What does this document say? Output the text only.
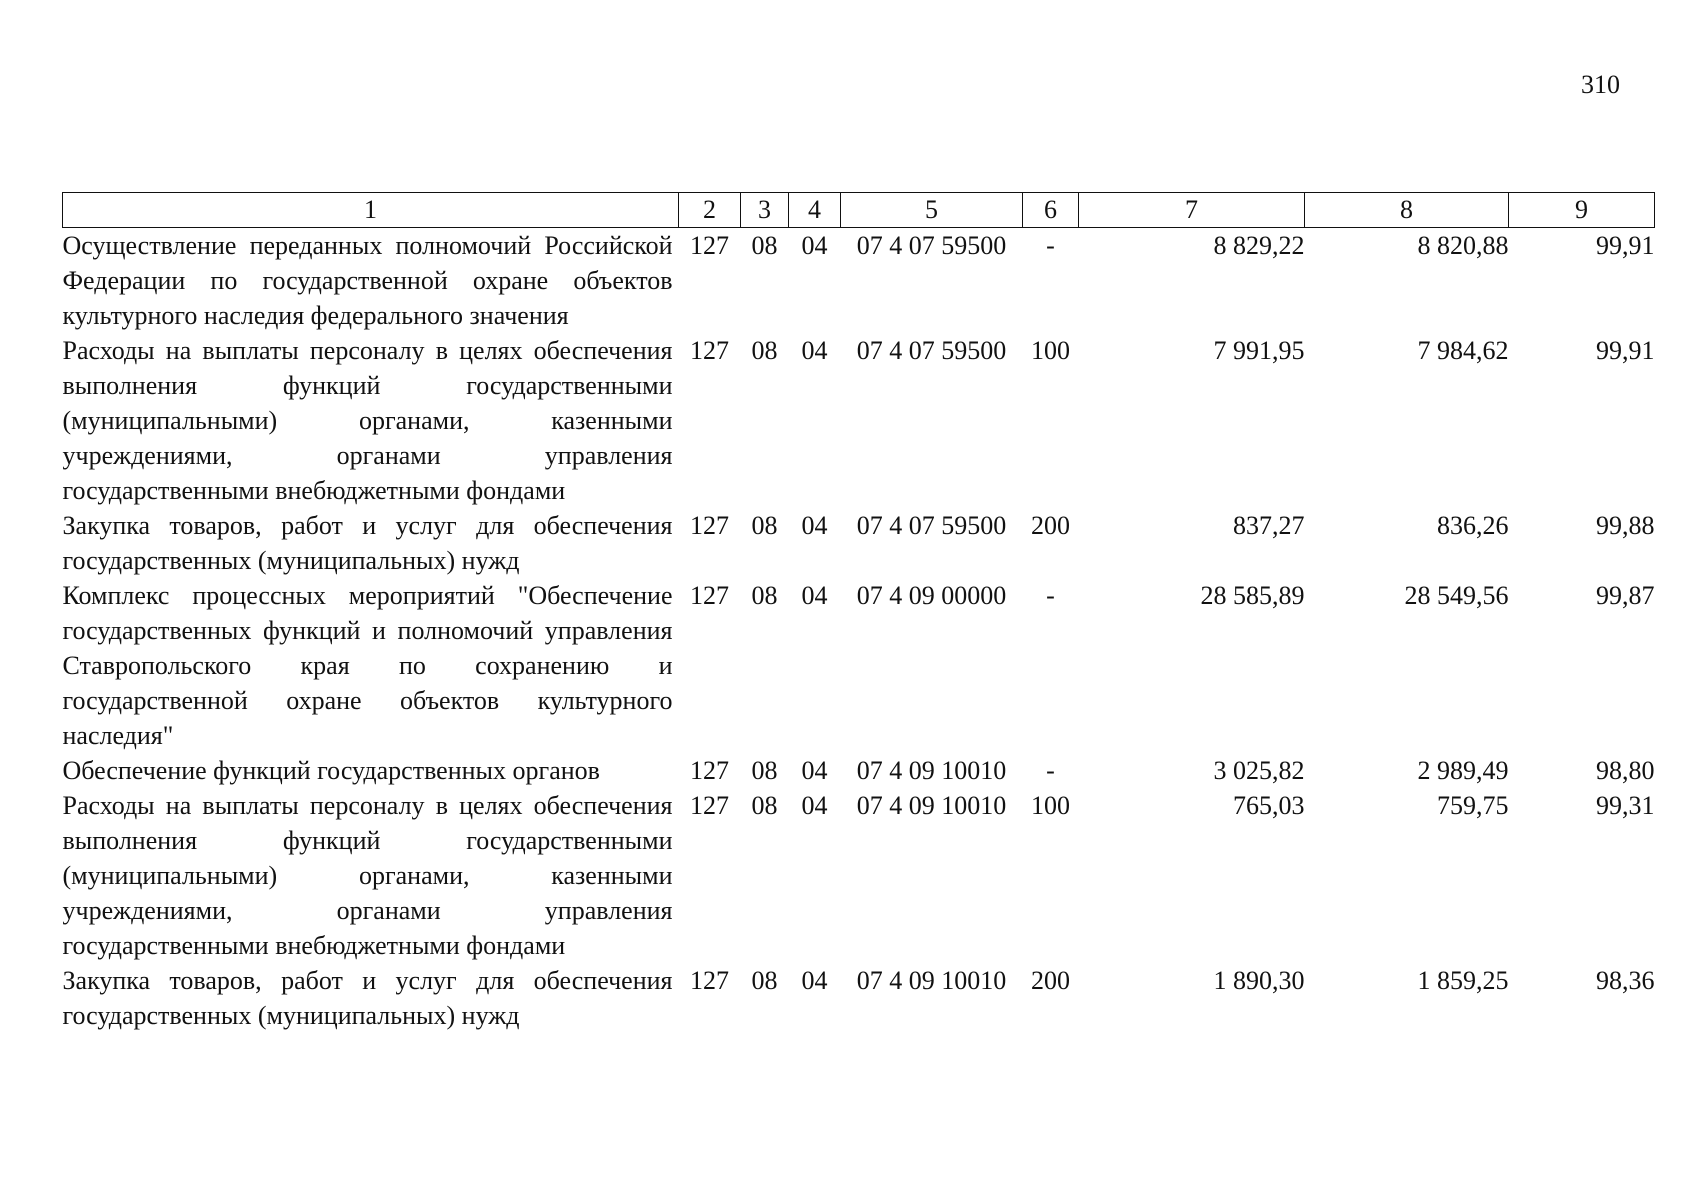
310
1	2	3	4	5	6	7	8	9
Осуществление переданных полномочий Российской Федерации по государственной охране объектов культурного наследия федерального значения	127	08	04	07 4 07 59500	-	8 829,22	8 820,88	99,91
Расходы на выплаты персоналу в целях обеспечения выполнения функций государственными (муниципальными) органами, казенными учреждениями, органами управления государственными внебюджетными фондами	127	08	04	07 4 07 59500	100	7 991,95	7 984,62	99,91
Закупка товаров, работ и услуг для обеспечения государственных (муниципальных) нужд	127	08	04	07 4 07 59500	200	837,27	836,26	99,88
Комплекс процессных мероприятий "Обеспечение государственных функций и полномочий управления Ставропольского края по сохранению и государственной охране объектов культурного наследия"	127	08	04	07 4 09 00000	-	28 585,89	28 549,56	99,87
Обеспечение функций государственных органов	127	08	04	07 4 09 10010	-	3 025,82	2 989,49	98,80
Расходы на выплаты персоналу в целях обеспечения выполнения функций государственными (муниципальными) органами, казенными учреждениями, органами управления государственными внебюджетными фондами	127	08	04	07 4 09 10010	100	765,03	759,75	99,31
Закупка товаров, работ и услуг для обеспечения государственных (муниципальных) нужд	127	08	04	07 4 09 10010	200	1 890,30	1 859,25	98,36
